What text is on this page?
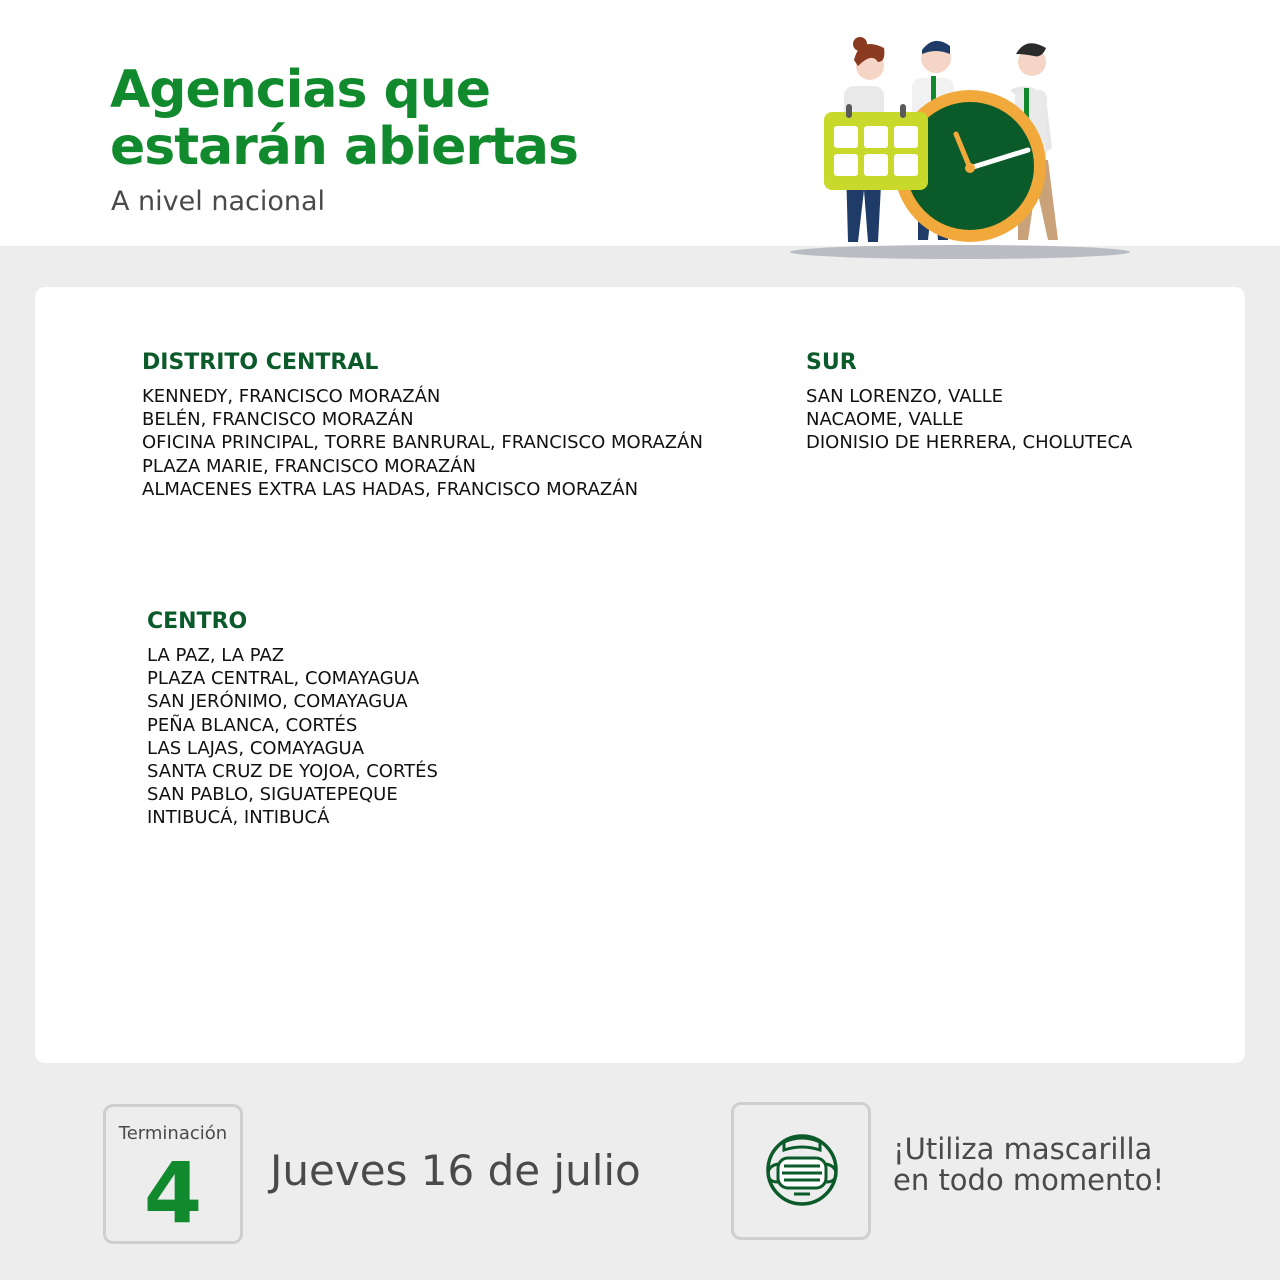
Agencias que
estarán abiertas
A nivel nacional
DISTRITO CENTRAL
KENNEDY, FRANCISCO MORAZÁN
BELÉN, FRANCISCO MORAZÁN
OFICINA PRINCIPAL, TORRE BANRURAL, FRANCISCO MORAZÁN
PLAZA MARIE, FRANCISCO MORAZÁN
ALMACENES EXTRA LAS HADAS, FRANCISCO MORAZÁN
SUR
SAN LORENZO, VALLE
NACAOME, VALLE
DIONISIO DE HERRERA, CHOLUTECA
CENTRO
LA PAZ, LA PAZ
PLAZA CENTRAL, COMAYAGUA
SAN JERÓNIMO, COMAYAGUA
PEÑA BLANCA, CORTÉS
LAS LAJAS, COMAYAGUA
SANTA CRUZ DE YOJOA, CORTÉS
SAN PABLO, SIGUATEPEQUE
INTIBUCÁ, INTIBUCÁ
Terminación
4	Jueves 16 de julio	¡Utiliza mascarilla
en todo momento!
